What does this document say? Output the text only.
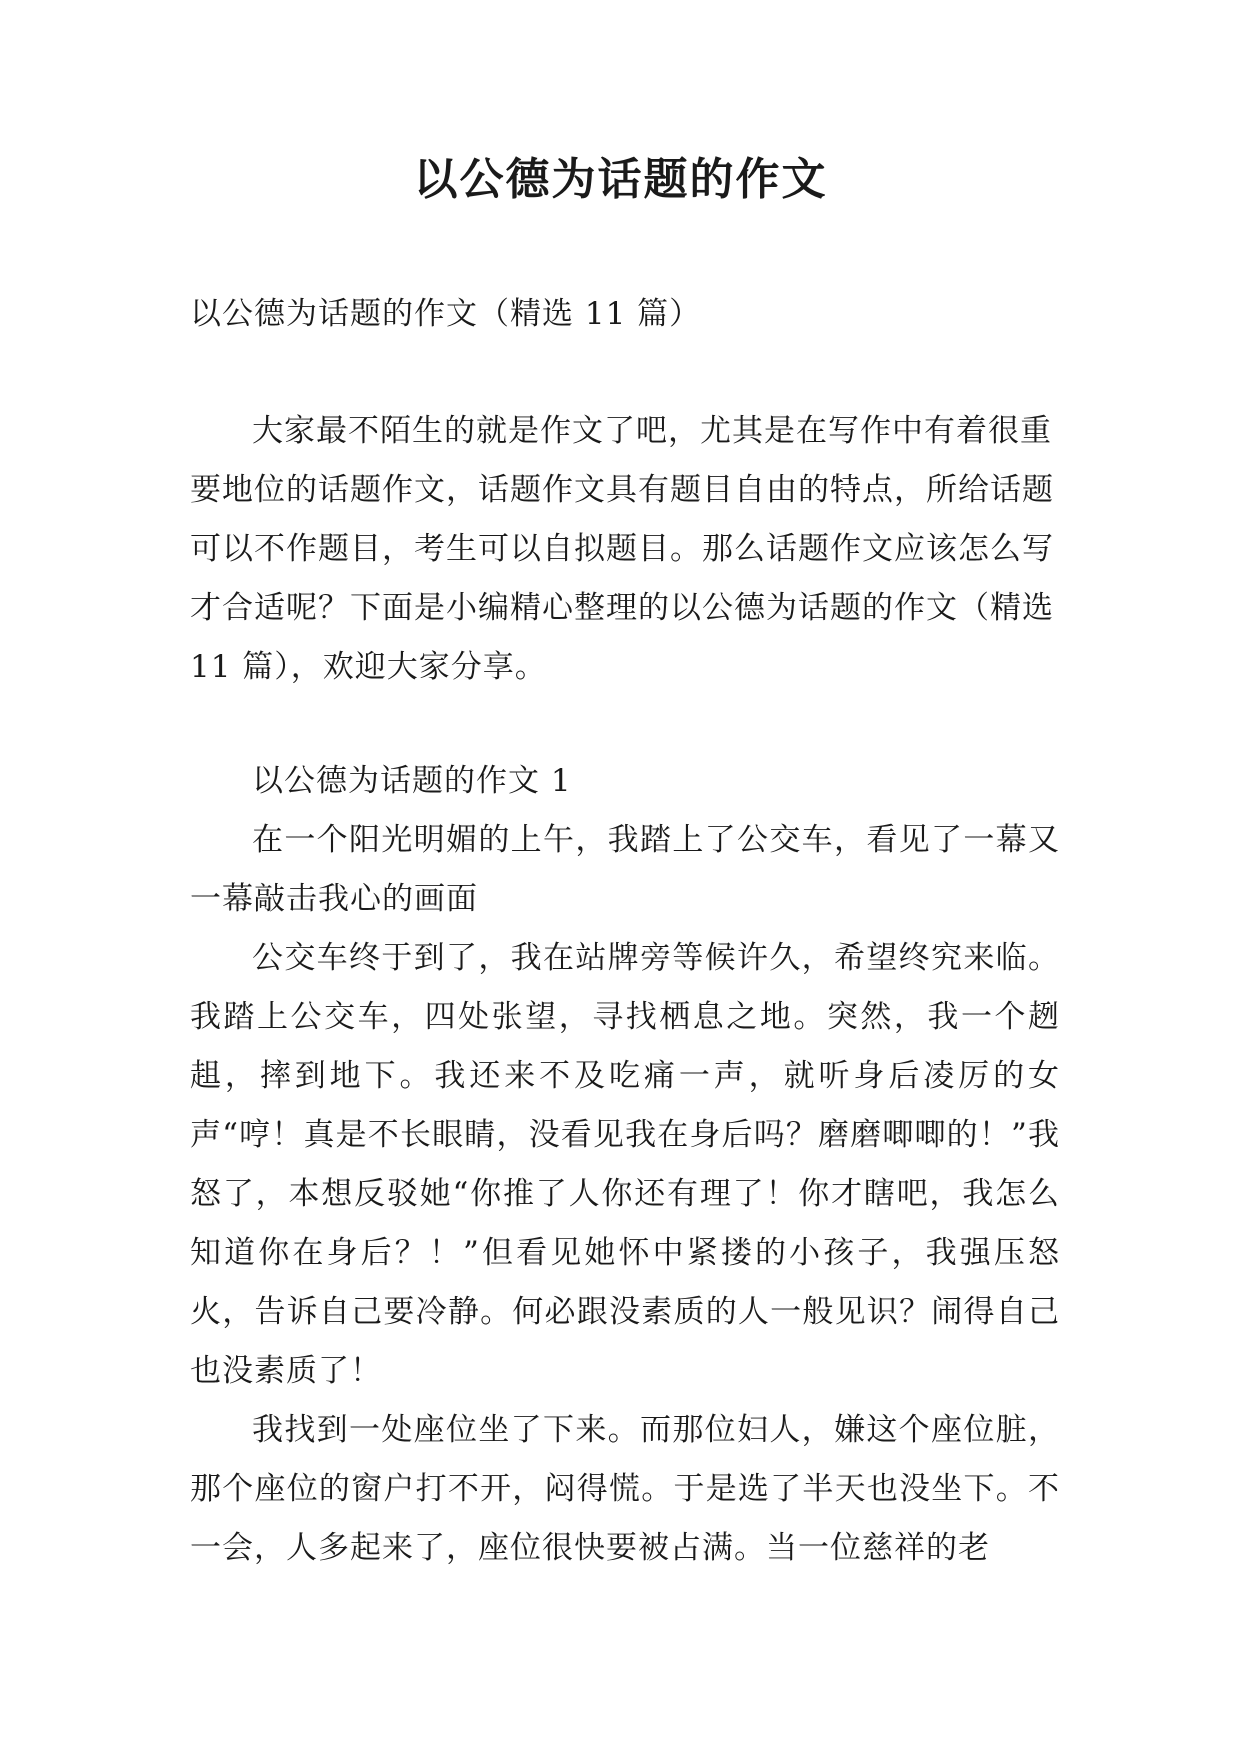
以公德为话题的作文
以公德为话题的作文（精选 11 篇）

大家最不陌生的就是作文了吧，尤其是在写作中有着很重要地位的话题作文，话题作文具有题目自由的特点，所给话题可以不作题目，考生可以自拟题目。那么话题作文应该怎么写才合适呢？下面是小编精心整理的以公德为话题的作文（精选 11 篇），欢迎大家分享。

以公德为话题的作文 1

在一个阳光明媚的上午，我踏上了公交车，看见了一幕又一幕敲击我心的画面

公交车终于到了，我在站牌旁等候许久，希望终究来临。我踏上公交车，四处张望，寻找栖息之地。突然，我一个趔趄，摔到地下。我还来不及吃痛一声，就听身后凌厉的女声“哼！真是不长眼睛，没看见我在身后吗？磨磨唧唧的！”我怒了，本想反驳她“你推了人你还有理了！你才瞎吧，我怎么知道你在身后？！”但看见她怀中紧搂的小孩子，我强压怒火，告诉自己要冷静。何必跟没素质的人一般见识？闹得自己也没素质了！

我找到一处座位坐了下来。而那位妇人，嫌这个座位脏，那个座位的窗户打不开，闷得慌。于是选了半天也没坐下。不一会，人多起来了，座位很快要被占满。当一位慈祥的老
